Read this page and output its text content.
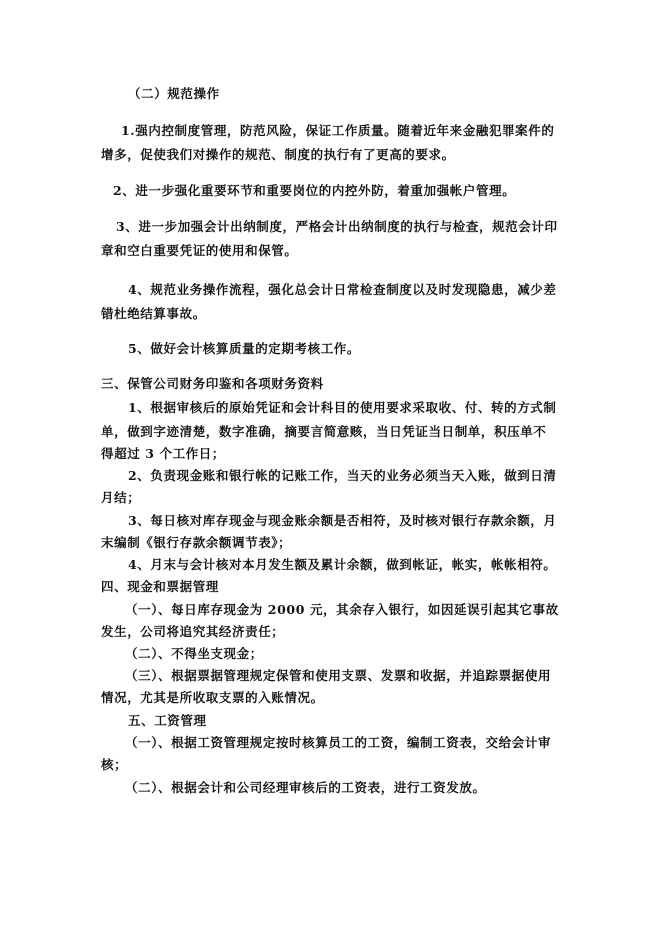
（二）规范操作
1.强内控制度管理，防范风险，保证工作质量。随着近年来金融犯罪案件的
增多，促使我们对操作的规范、制度的执行有了更高的要求。
2、进一步强化重要环节和重要岗位的内控外防，着重加强帐户管理。
3、进一步加强会计出纳制度，严格会计出纳制度的执行与检查，规范会计印
章和空白重要凭证的使用和保管。
4、规范业务操作流程，强化总会计日常检查制度以及时发现隐患，减少差
错杜绝结算事故。
5、做好会计核算质量的定期考核工作。
三、保管公司财务印鉴和各项财务资料
1、根据审核后的原始凭证和会计科目的使用要求采取收、付、转的方式制
单，做到字迹清楚，数字准确，摘要言简意赅，当日凭证当日制单，积压单不
得超过 3 个工作日；
2、负责现金账和银行帐的记账工作，当天的业务必须当天入账，做到日清
月结；
3、每日核对库存现金与现金账余额是否相符，及时核对银行存款余额，月
末编制《银行存款余额调节表》；
4、月末与会计核对本月发生额及累计余额，做到帐证，帐实，帐帐相符。
四、现金和票据管理
（一）、每日库存现金为 2000 元，其余存入银行，如因延误引起其它事故
发生，公司将追究其经济责任；
（二）、不得坐支现金；
（三）、根据票据管理规定保管和使用支票、发票和收据，并追踪票据使用
情况，尤其是所收取支票的入账情况。
五、工资管理
（一）、根据工资管理规定按时核算员工的工资，编制工资表，交给会计审
核；
（二）、根据会计和公司经理审核后的工资表，进行工资发放。
